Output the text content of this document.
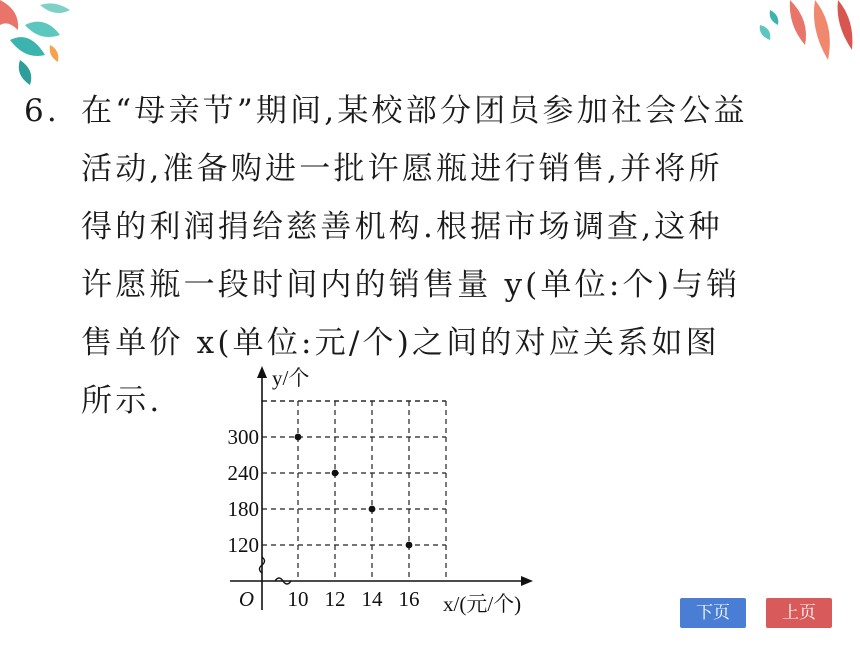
6. 在“母亲节”期间,某校部分团员参加社会公益
活动,准备购进一批许愿瓶进行销售,并将所
得的利润捐给慈善机构.根据市场调查,这种
许愿瓶一段时间内的销售量 y(单位:个)与销
售单价 x(单位:元/个)之间的对应关系如图
所示.
120
180
240
300
10 12 14 16
O
y/个
x/(元/个)	下页	上页
